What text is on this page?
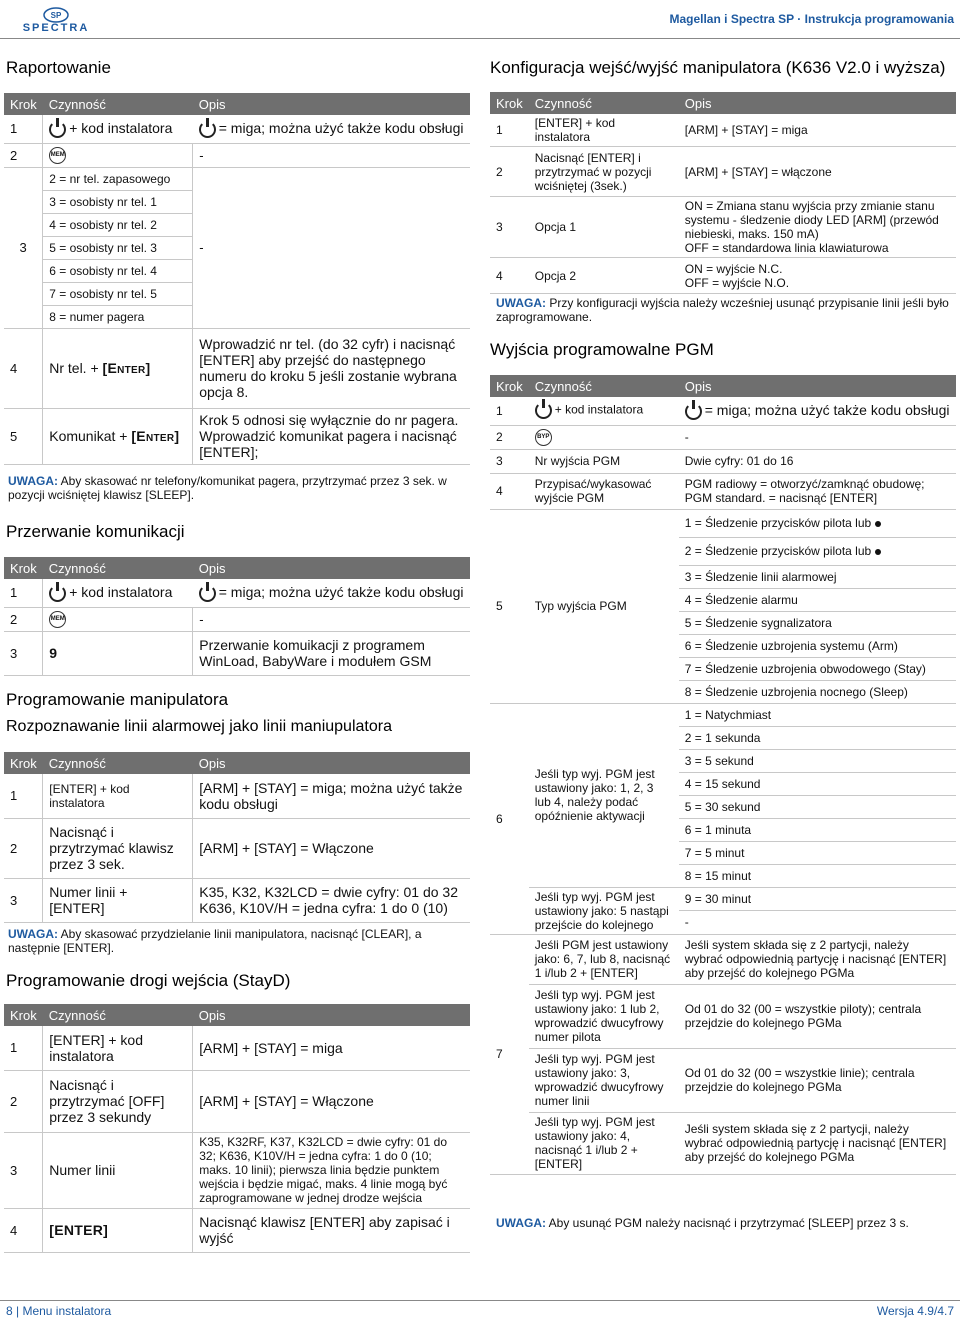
SP
SPECTRA
Magellan i Spectra SP · Instrukcja programowania
Raportowanie
Krok	Czynność	Opis
1	+ kod instalatora	= miga; można użyć także kodu obsługi
2	MEM	-
3	2 = nr tel. zapasowego	-
	3 = osobisty nr tel. 1	
	4 = osobisty nr tel. 2	
	5 = osobisty nr tel. 3	
	6 = osobisty nr tel. 4	
	7 = osobisty nr tel. 5	
	8 = numer pagera	
4	Nr tel. + [Enter]	Wprowadzić nr tel. (do 32 cyfr) i nacisnąć [ENTER] aby przejść do następnego numeru do kroku 5 jeśli zostanie wybrana opcja 8.
5	Komunikat + [Enter]	Krok 5 odnosi się wyłącznie do nr pagera. Wprowadzić komunikat pagera i nacisnąć [ENTER];
UWAGA: Aby skasować nr telefony/komunikat pagera, przytrzymać przez 3 sek. w pozycji wciśniętej klawisz [SLEEP].
Przerwanie komunikacji
Krok	Czynność	Opis
1	+ kod instalatora	= miga; można użyć także kodu obsługi
2	MEM	-
3	9	Przerwanie komuikacji z programem WinLoad, BabyWare i modułem GSM
Programowanie manipulatora
Rozpoznawanie linii alarmowej jako linii maniupulatora
Krok	Czynność	Opis
1	[ENTER] + kod instalatora	[ARM] + [STAY] = miga; można użyć także kodu obsługi
2	Nacisnąć i przytrzymać klawisz przez 3 sek.	[ARM] + [STAY] = Włączone
3	Numer linii + [ENTER]	K35, K32, K32LCD = dwie cyfry: 01 do 32
K636, K10V/H = jedna cyfra: 1 do 0 (10)
UWAGA: Aby skasować przydzielanie linii manipulatora, nacisnąć [CLEAR], a następnie [ENTER].
Programowanie drogi wejścia (StayD)
Krok	Czynność	Opis
1	[ENTER] + kod instalatora	[ARM] + [STAY] = miga
2	Nacisnąć i przytrzymać [OFF] przez 3 sekundy	[ARM] + [STAY] = Włączone
3	Numer linii	K35, K32RF, K37, K32LCD = dwie cyfry: 01 do 32; K636, K10V/H = jedna cyfra: 1 do 0 (10; maks. 10 linii); pierwsza linia będzie punktem wejścia i będzie migać, maks. 4 linie mogą być zaprogramowane w jednej drodze wejścia
4	[ENTER]	Nacisnąć klawisz [ENTER] aby zapisać i wyjść
Konfiguracja wejść/wyjść manipulatora (K636 V2.0 i wyższa)
Krok	Czynność	Opis
1	[ENTER] + kod instalatora	[ARM] + [STAY] = miga
2	Nacisnąć [ENTER] i przytrzymać w pozycji wciśniętej (3sek.)	[ARM] + [STAY] = włączone
3	Opcja 1	ON = Zmiana stanu wyjścia przy zmianie stanu systemu - śledzenie diody LED [ARM] (przewód niebieski, maks. 150 mA)
OFF = standardowa linia klawiaturowa

4	Opcja 2	ON = wyjście N.C.
OFF = wyjście N.O.
UWAGA: Przy konfiguracji wyjścia należy wcześniej usunąć przypisanie linii jeśli było zaprogramowane.
Wyjścia programowalne PGM
Krok	Czynność	Opis
1	+ kod instalatora	= miga; można użyć także kodu obsługi
2	BYP	-
3	Nr wyjścia PGM	Dwie cyfry: 01 do 16
4	Przypisać/wykasować wyjście PGM	PGM radiowy = otworzyć/zamknąć obudowę; PGM standard. = nacisnąć [ENTER]
5	Typ wyjścia PGM	1 = Śledzenie przycisków pilota lub
		2 = Śledzenie przycisków pilota lub
		3 = Śledzenie linii alarmowej
		4 = Śledzenie alarmu
		5 = Śledzenie sygnalizatora
		6 = Śledzenie uzbrojenia systemu (Arm)
		7 = Śledzenie uzbrojenia obwodowego (Stay)
		8 = Śledzenie uzbrojenia nocnego (Sleep)
6	Jeśli typ wyj. PGM jest ustawiony jako: 1, 2, 3 lub 4, należy podać opóźnienie aktywacji	1 = Natychmiast
		2 = 1 sekunda
		3 = 5 sekund
		4 = 15 sekund
		5 = 30 sekund
		6 = 1 minuta
		7 = 5 minut
		8 = 15 minut
	Jeśli typ wyj. PGM jest ustawiony jako: 5 nastąpi przejście do kolejnego	9 = 30 minut
		-
7	Jeśli PGM jest ustawiony jako: 6, 7, lub 8, nacisnąć 1 i/lub 2 + [ENTER]	Jeśli system składa się z 2 partycji, należy wybrać odpowiednią partycję i nacisnąć [ENTER] aby przejść do kolejnego PGMa
	Jeśli typ wyj. PGM jest ustawiony jako: 1 lub 2, wprowadzić dwucyfrowy numer pilota	Od 01 do 32 (00 = wszystkie piloty); centrala przejdzie do kolejnego PGMa
	Jeśli typ wyj. PGM jest ustawiony jako: 3, wprowadzić dwucyfrowy numer linii	Od 01 do 32 (00 = wszystkie linie); centrala przejdzie do kolejnego PGMa
	Jeśli typ wyj. PGM jest ustawiony jako: 4, nacisnąć 1 i/lub 2 + [ENTER]	Jeśli system składa się z 2 partycji, należy wybrać odpowiednią partycję i nacisnąć [ENTER] aby przejść do kolejnego PGMa
UWAGA: Aby usunąć PGM należy nacisnąć i przytrzymać [SLEEP] przez 3 s.
8 | Menu instalatora	Wersja 4.9/4.7
